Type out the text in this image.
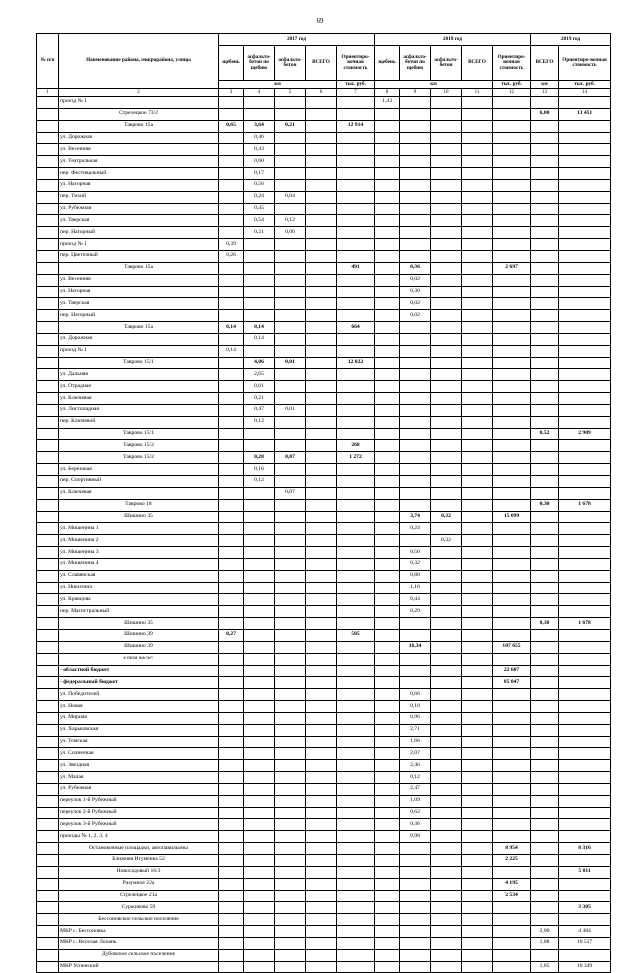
69
№ п/п	Наименование района, микрорайона, улицы	2017 год					2018 год					2019 год	
		щебень	асфальто-бетон по щебню	асфальто-бетон	ВСЕГО	Ориентиро-вочная стоимость	щебень	асфальто-бетон по щебню	асфальто-бетон	ВСЕГО	Ориентиро-вочная стоимость	ВСЕГО	Ориентиро-вочная стоимость
		км				тыс. руб.	км				тыс. руб.	км	тыс. руб.
1	2	3	4	5	6	7	8	9	10	11	12	13	14
	проезд № 1						1,43						
	Стрелецкое 73/2											6,00	13 451
	Таврово 15а	0,65	3,64	0,21		12 914							
	ул. Дорожная		0,46										
	ул. Весенняя		0,43										
	ул. Театральная		0,60										
	пер. Фестивальный		0,17										
	ул. Нагорная		0,56										
	пер. Тихий		0,24	0,04									
	ул. Рубежная		0,45										
	ул. Тверская		0,54	0,12									
	пер. Нагорный		0,21	0,06									
	проезд № 1	0,39											
	пер. Цветочный	0,26											
	Таврово 15а					491		0,36			2 697		
	ул. Весенняя							0,02					
	ул. Нагорная							0,30					
	ул. Тверская							0,02					
	пер. Нагорный							0,02					
	Таврово 15а	0,14	0,14			664							
	ул. Дорожная		0,14										
	проезд № 1	0,14											
	Таврово 15/1		4,06	0,01		12 022							
	ул. Дальняя		2,65										
	ул. Отрадная		0,61										
	ул. Ключевая		0,21										
	ул. Листопадная		0,47	0,01									
	пер. Ключевой		0,12										
	Таврово 15/1											0,52	2 909
	Таврово 15/2					268							
	Таврово 15/2		0,28	0,07		1 272							
	ул. Березовая		0,16										
	пер. Спортивный		0,12										
	ул. Ключевая			0,07									
	Таврово 18											0,30	1 678
	Шишино 35							3,74	0,32		15 099		
	ул. Мишенина 1							0,24					
	ул. Мишенина 2								0,32				
	ул. Мишенина 3							0,50					
	ул. Мишенина 4							0,32					
	ул. Славянская							0,80					
	ул. Никитина							1,16					
	ул. Кравцова							0,44					
	пер. Магистральный							0,29					
	Шишино 35											0,30	1 678
	Шишино 39	0,27				505							
	Шишино 39							16,34			107 655		
	в том числе:												
	- областной бюджет										22 607		
	- федеральный бюджет										85 047		
	ул. Победителей							0,66					
	ул. Новая							0,18					
	ул. Мирная							0,96					
	ул. Харьковская							2,71					
	ул. Томская							1,66					
	ул. Солнечная							2,07					
	ул. Звездная							2,46					
	ул. Малая							0,12					
	ул. Рубежная							2,47					
	переулок 1-й Рубежный							1,09					
	переулок 2-й Рубежный							0,62					
	переулок 3-й Рубежный							0,36					
	проезды № 1, 2, 3, 4							0,98					
	Остановочные площадки, автопавильоны										8 954		8 316
	Ближняя Игуменка 52										2 225		
	Новосадовый 16/3												5 011
	Разумное 22а										4 195		
	Стрелецкое 21а										2 534		
	Суржиково 59												3 305
	Бессоновское сельское поселение												
	МКР с. Бессоновка											2,00	4 484
	МКР с. Веселая Лопань											1,88	10 517
	Дубовское сельское поселение												
	МКР Успенский											1,85	10 349
